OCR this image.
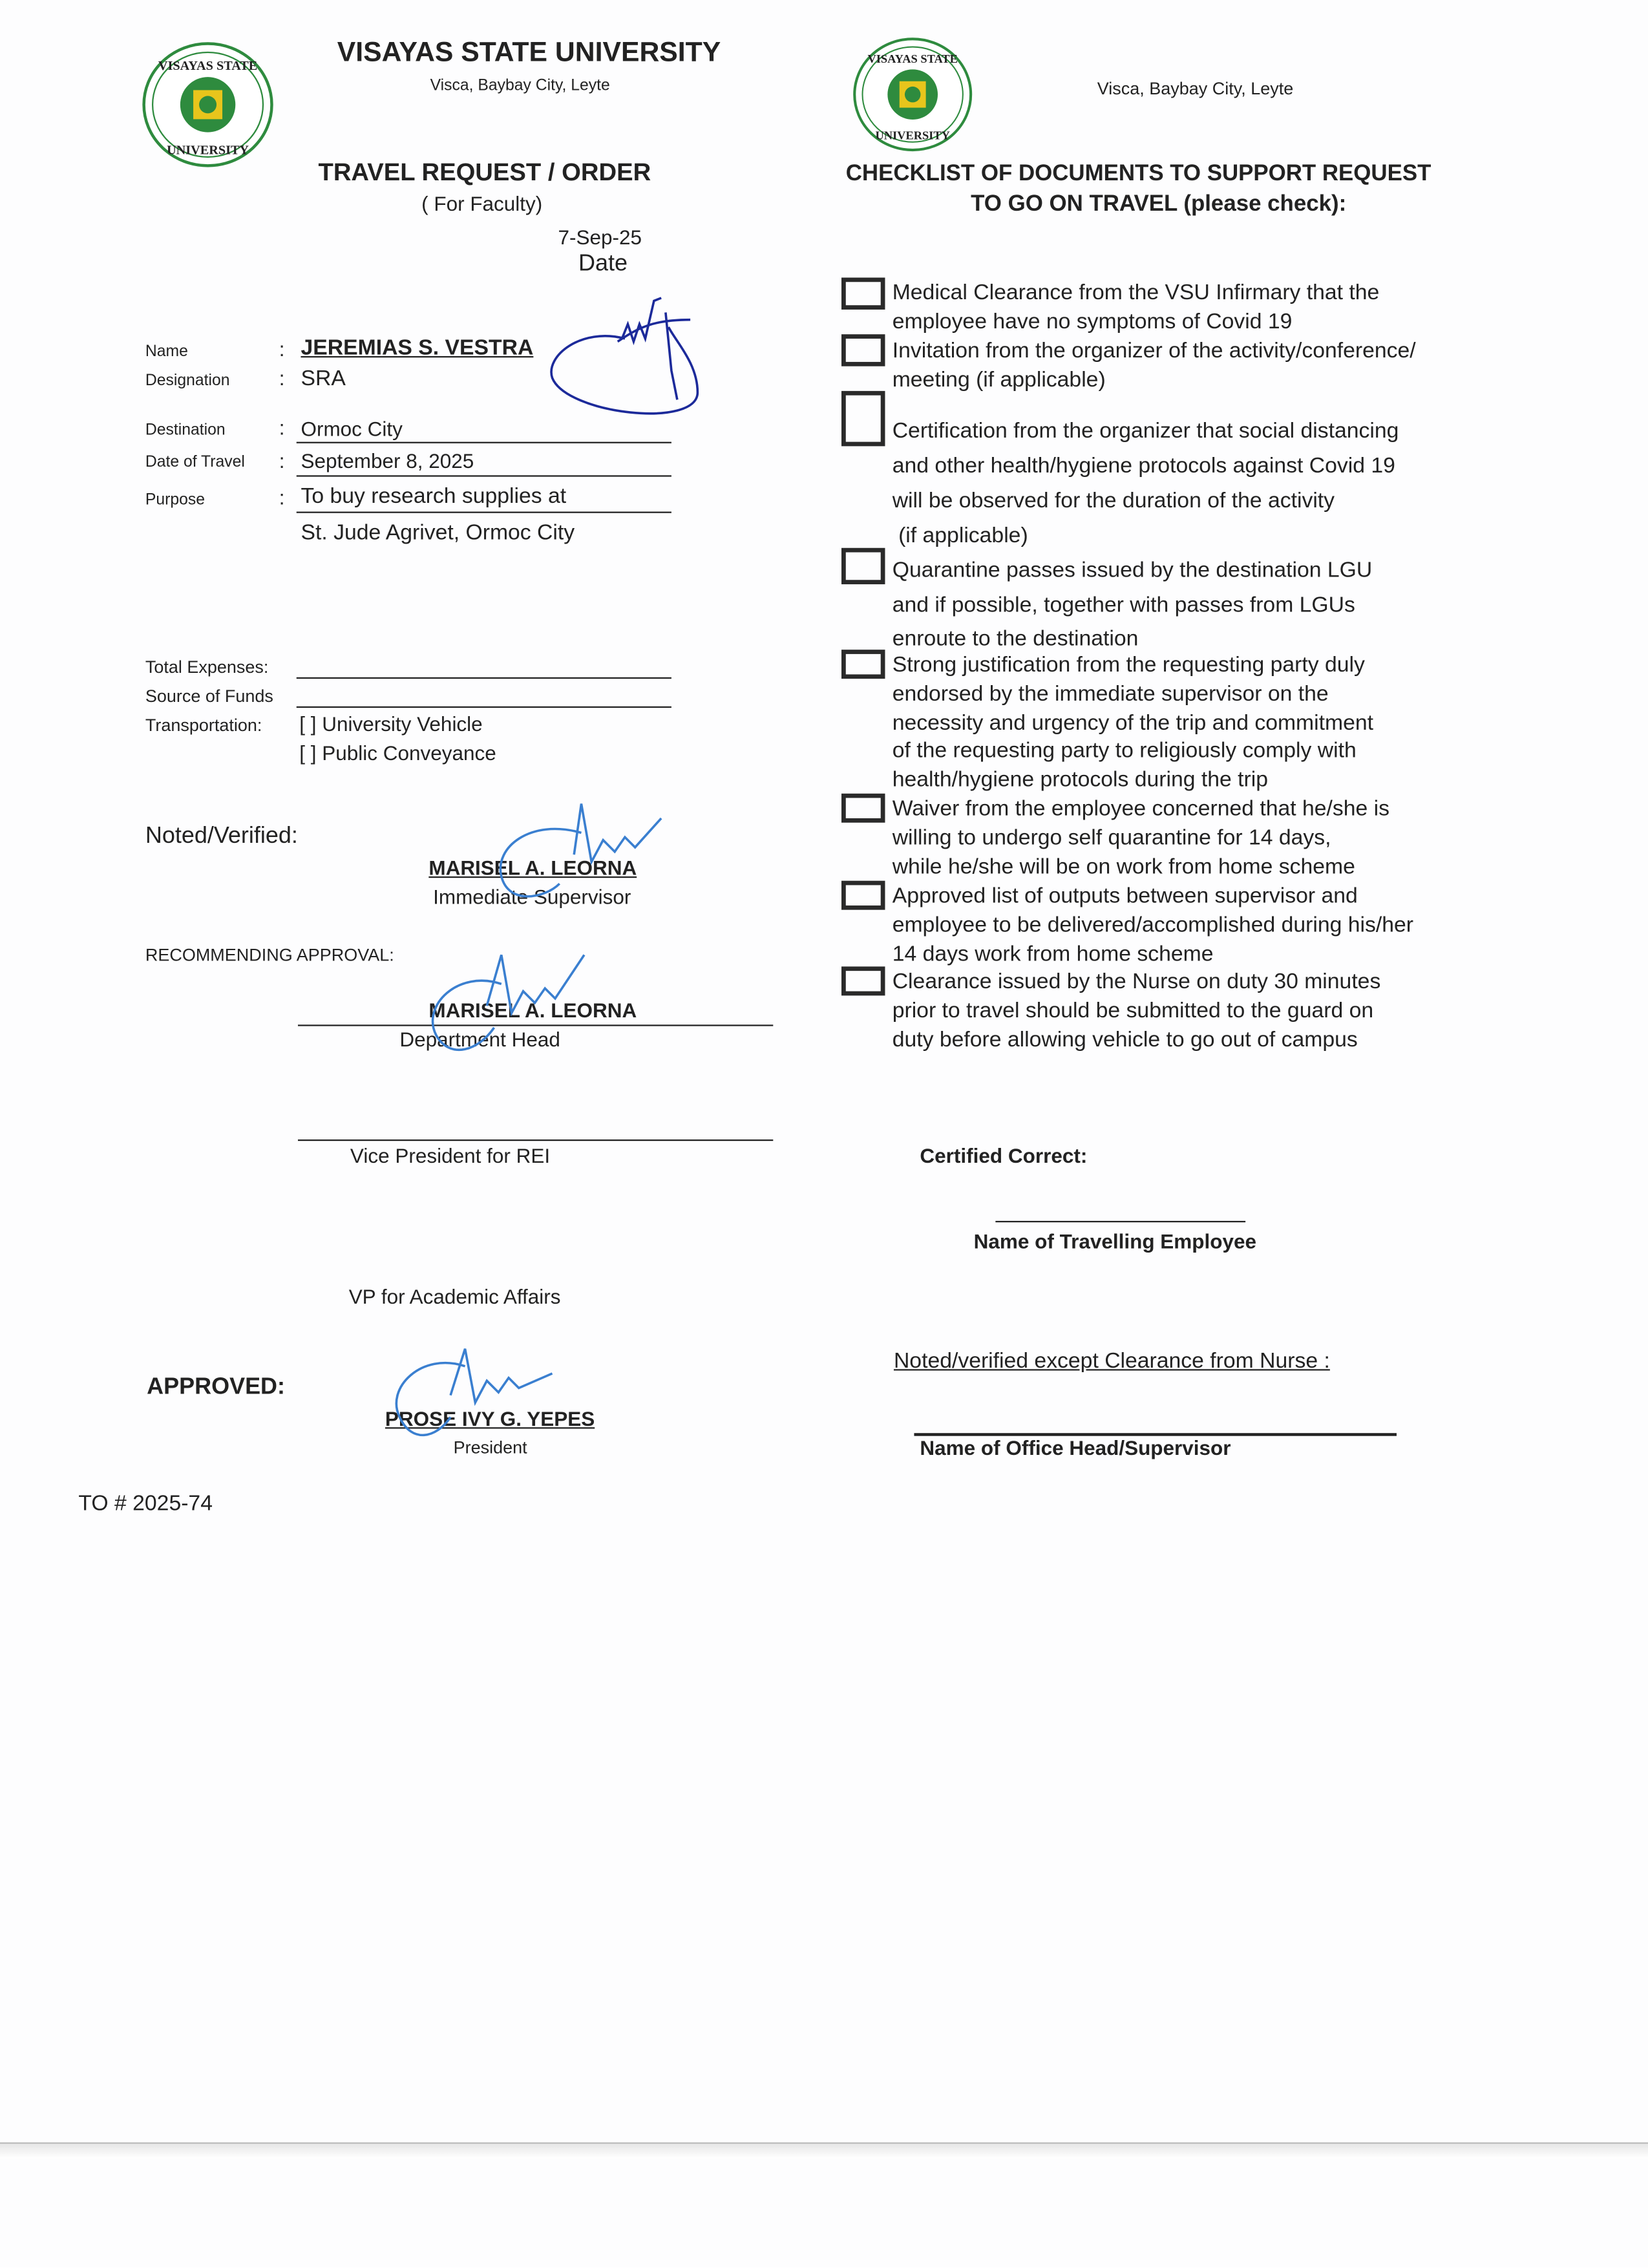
VISAYAS STATE
UNIVERSITY
VISAYAS STATE UNIVERSITY
Visca, Baybay City, Leyte
TRAVEL REQUEST / ORDER
( For Faculty)
7-Sep-25
Date
Name	: JEREMIAS S. VESTRA
Designation	: SRA
Destination	: Ormoc City
Date of Travel	: September 8, 2025
Purpose	: To buy research supplies at
St. Jude Agrivet, Ormoc City
Total Expenses:
Source of Funds
Transportation:	[ ] University Vehicle
[ ] Public Conveyance
Noted/Verified:
MARISEL A. LEORNA
Immediate Supervisor
RECOMMENDING APPROVAL:
MARISEL A. LEORNA
Department Head
Vice President for REI
VP for Academic Affairs
APPROVED:
PROSE IVY G. YEPES
President
TO # 2025-74
VISAYAS STATE
UNIVERSITY
Visca, Baybay City, Leyte
CHECKLIST OF DOCUMENTS TO SUPPORT REQUEST
TO GO ON TRAVEL (please check):
Medical Clearance from the VSU Infirmary that the
employee have no symptoms of Covid 19
Invitation from the organizer of the activity/conference/
meeting (if applicable)
Certification from the organizer that social distancing
and other health/hygiene protocols against Covid 19
will be observed for the duration of the activity
(if applicable)
Quarantine passes issued by the destination LGU
and if possible, together with passes from LGUs
enroute to the destination
Strong justification from the requesting party duly
endorsed by the immediate supervisor on the
necessity and urgency of the trip and commitment
of the requesting party to religiously comply with
health/hygiene protocols during the trip
Waiver from the employee concerned that he/she is
willing to undergo self quarantine for 14 days,
while he/she will be on work from home scheme
Approved list of outputs between supervisor and
employee to be delivered/accomplished during his/her
14 days work from home scheme
Clearance issued by the Nurse on duty 30 minutes
prior to travel should be submitted to the guard on
duty before allowing vehicle to go out of campus
Certified Correct:
Name of Travelling Employee
Noted/verified except Clearance from Nurse :
Name of Office Head/Supervisor
